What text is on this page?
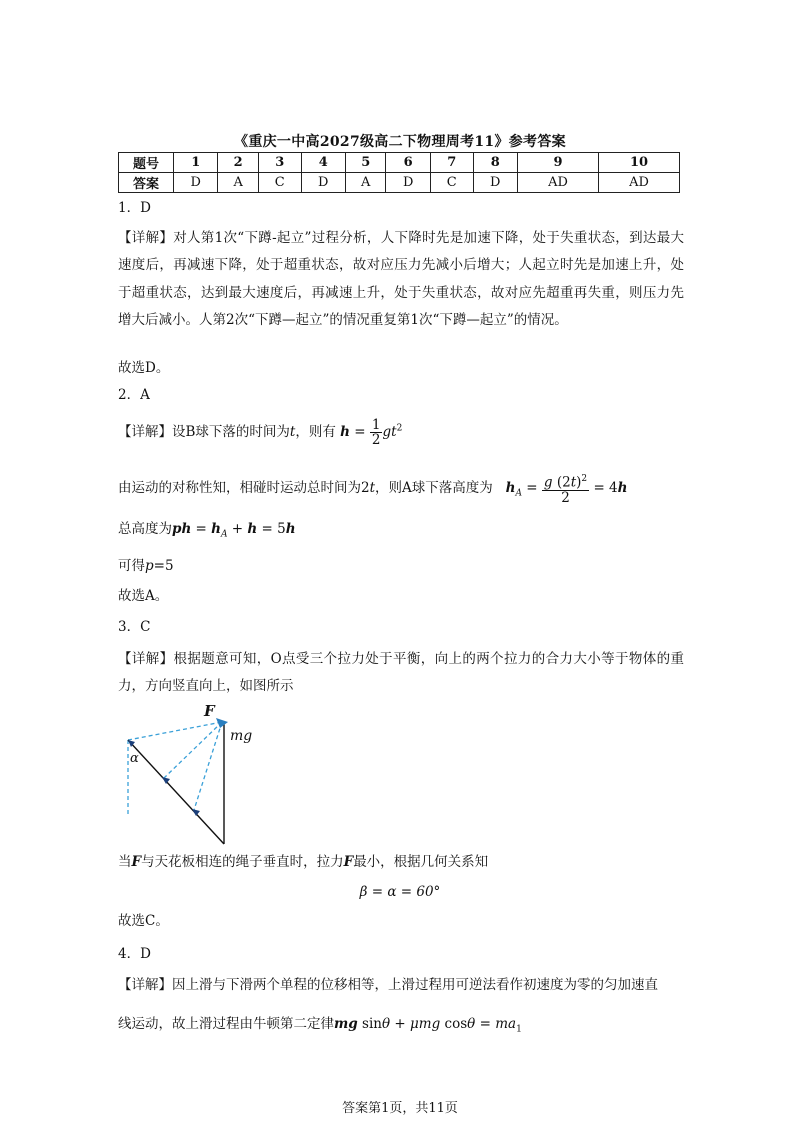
《重庆一中高2027级高二下物理周考11》参考答案
题号	1	2	3	4	5	6	7	8	9	10
答案	D	A	C	D	A	D	C	D	AD	AD
1．D
【详解】对人第1次“下蹲-起立”过程分析，人下降时先是加速下降，处于失重状态，到达最大速度后，再减速下降，处于超重状态，故对应压力先减小后增大；人起立时先是加速上升，处于超重状态，达到最大速度后，再减速上升，处于失重状态，故对应先超重再失重，则压力先增大后减小。人第2次“下蹲—起立”的情况重复第1次“下蹲—起立”的情况。
故选D。
2．A
【详解】设B球下落的时间为t，则有 $h = \frac{1}{2} gt^2$
由运动的对称性知，相碰时运动总时间为2t，则A球下落高度为 $h_A = \frac{g (2t)^2}{2} = 4h$
总高度为ph = $h_A + h = 5h$
可得p=5
故选A。
3．C
【详解】根据题意可知，O点受三个拉力处于平衡，向上的两个拉力的合力大小等于物体的重力，方向竖直向上，如图所示
F
mg
α
当F与天花板相连的绳子垂直时，拉力F最小，根据几何关系知
β = α = 60°
故选C。
4．D
【详解】因上滑与下滑两个单程的位移相等，上滑过程用可逆法看作初速度为零的匀加速直
线运动，故上滑过程由牛顿第二定律mg sinθ + μmg $\cos\theta = ma_1$
答案第1页，共11页
